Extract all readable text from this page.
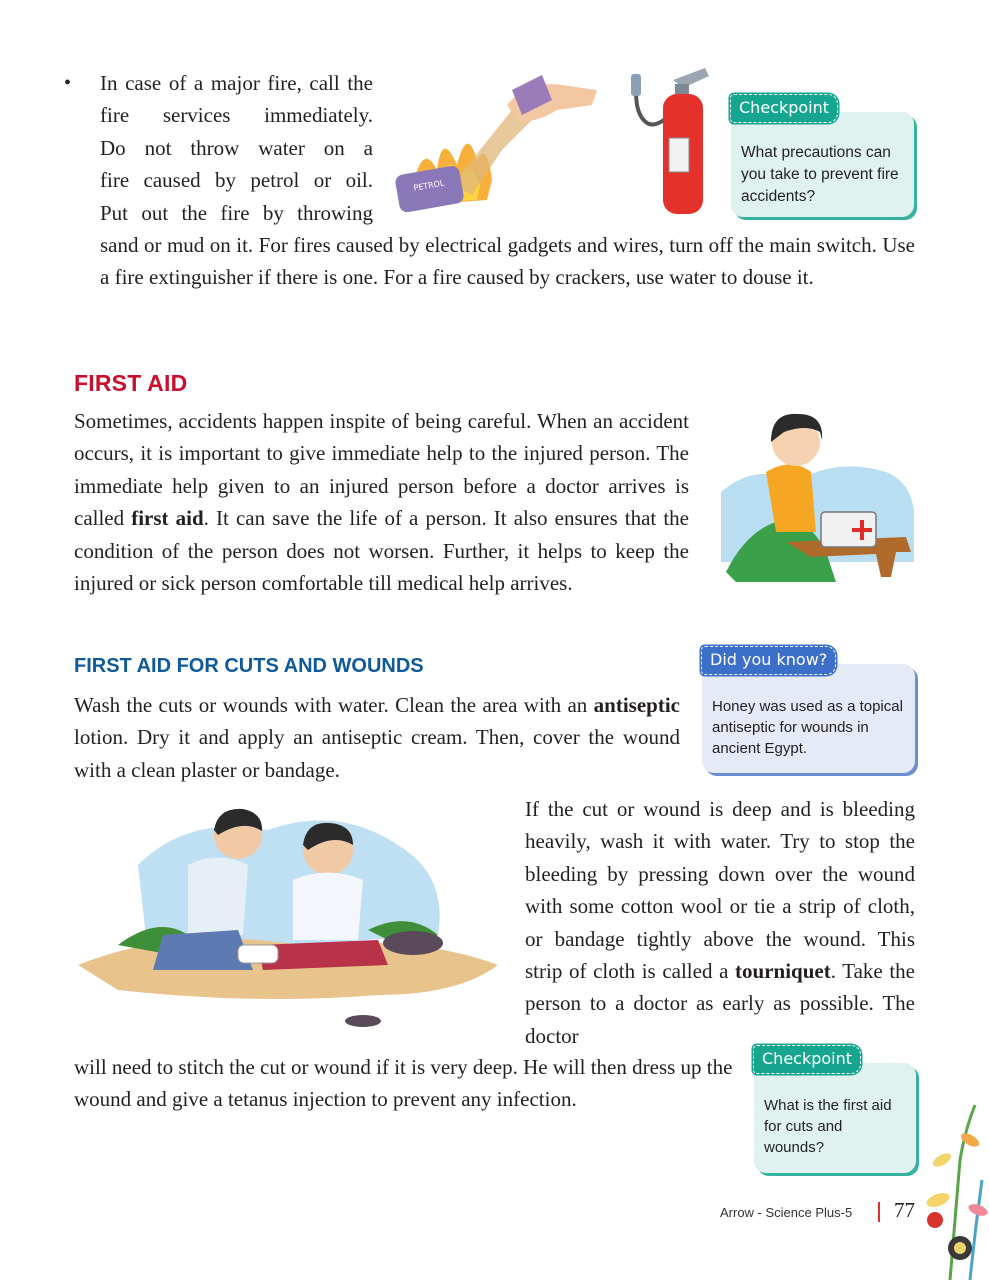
• In case of a major fire, call the
fire services immediately.
Do not throw water on a
fire caused by petrol or oil.
Put out the fire by throwing
PETROL
Checkpoint
What precautions can you take to prevent fire accidents?
sand or mud on it. For fires caused by electrical gadgets and wires, turn off the main switch. Use a fire extinguisher if there is one. For a fire caused by crackers, use water to douse it.
FIRST AID
Sometimes, accidents happen inspite of being careful. When an accident occurs, it is important to give immediate help to the injured person. The immediate help given to an injured person before a doctor arrives is called first aid. It can save the life of a person. It also ensures that the condition of the person does not worsen. Further, it helps to keep the injured or sick person comfortable till medical help arrives.
FIRST AID FOR CUTS AND WOUNDS	Did you know?
Honey was used as a topical antiseptic for wounds in ancient Egypt.
Wash the cuts or wounds with water. Clean the area with an antiseptic lotion. Dry it and apply an antiseptic cream. Then, cover the wound with a clean plaster or bandage.
If the cut or wound is deep and is bleeding heavily, wash it with water. Try to stop the bleeding by pressing down over the wound with some cotton wool or tie a strip of cloth, or bandage tightly above the wound. This strip of cloth is called a tourniquet. Take the person to a doctor as early as possible. The doctor
will need to stitch the cut or wound if it is very deep. He will then dress up the wound and give a tetanus injection to prevent any infection.
Checkpoint
What is the first aid for cuts and wounds?
Arrow - Science Plus-5 77
